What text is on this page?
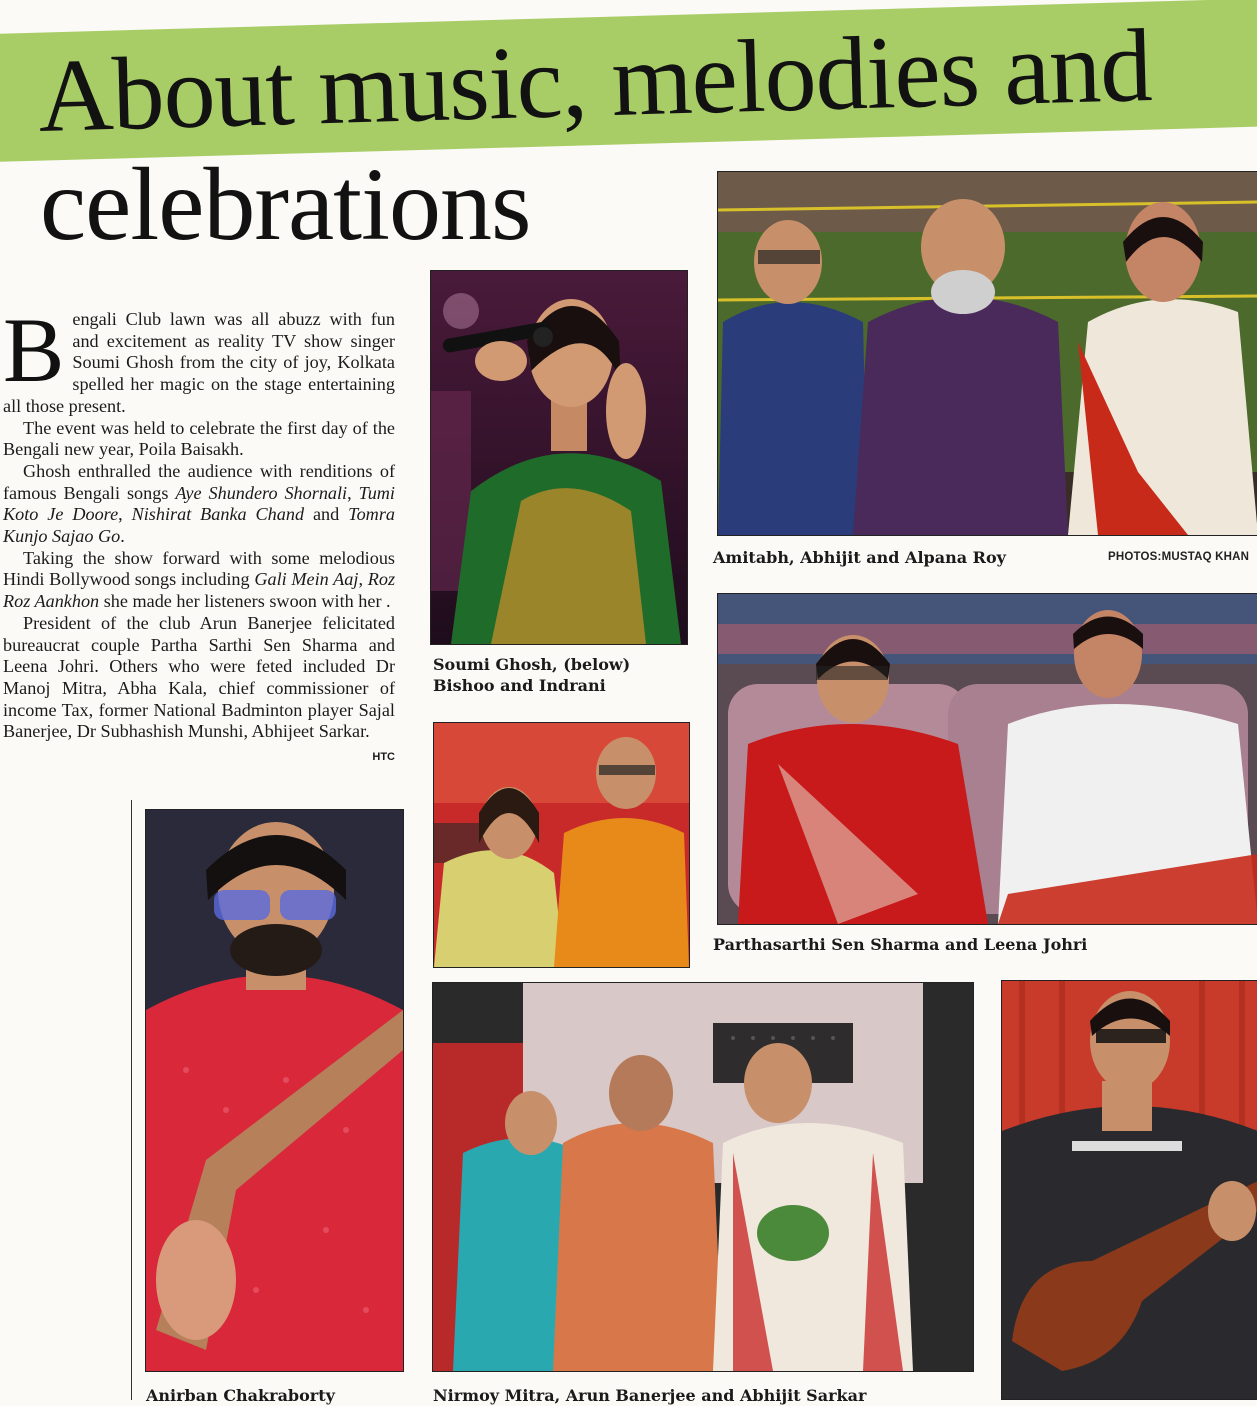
About music, melodies and
celebrations

Bengali Club lawn was all abuzz with fun and excitement as reality TV show singer Soumi Ghosh from the city of joy, Kolkata spelled her magic on the stage entertaining all those present.

The event was held to celebrate the first day of the Bengali new year, Poila Baisakh.

Ghosh enthralled the audience with renditions of famous Bengali songs Aye Shundero Shornali, Tumi Koto Je Doore, Nishirat Banka Chand and Tomra Kunjo Sajao Go.

Taking the show forward with some melodious Hindi Bollywood songs including Gali Mein Aaj, Roz Roz Aankhon she made her listeners swoon with her .

President of the club Arun Banerjee felicitated bureaucrat couple Partha Sarthi Sen Sharma and Leena Johri. Others who were feted included Dr Manoj Mitra, Abha Kala, chief commissioner of income Tax, former National Badminton player Sajal Banerjee, Dr Subhashish Munshi, Abhijeet Sarkar.
HTC

Soumi Ghosh, (below) Bishoo and Indrani
Amitabh, Abhijit and Alpana Roy	PHOTOS:MUSTAQ KHAN
Parthasarthi Sen Sharma and Leena Johri
Anirban Chakraborty	Nirmoy Mitra, Arun Banerjee and Abhijit Sarkar
